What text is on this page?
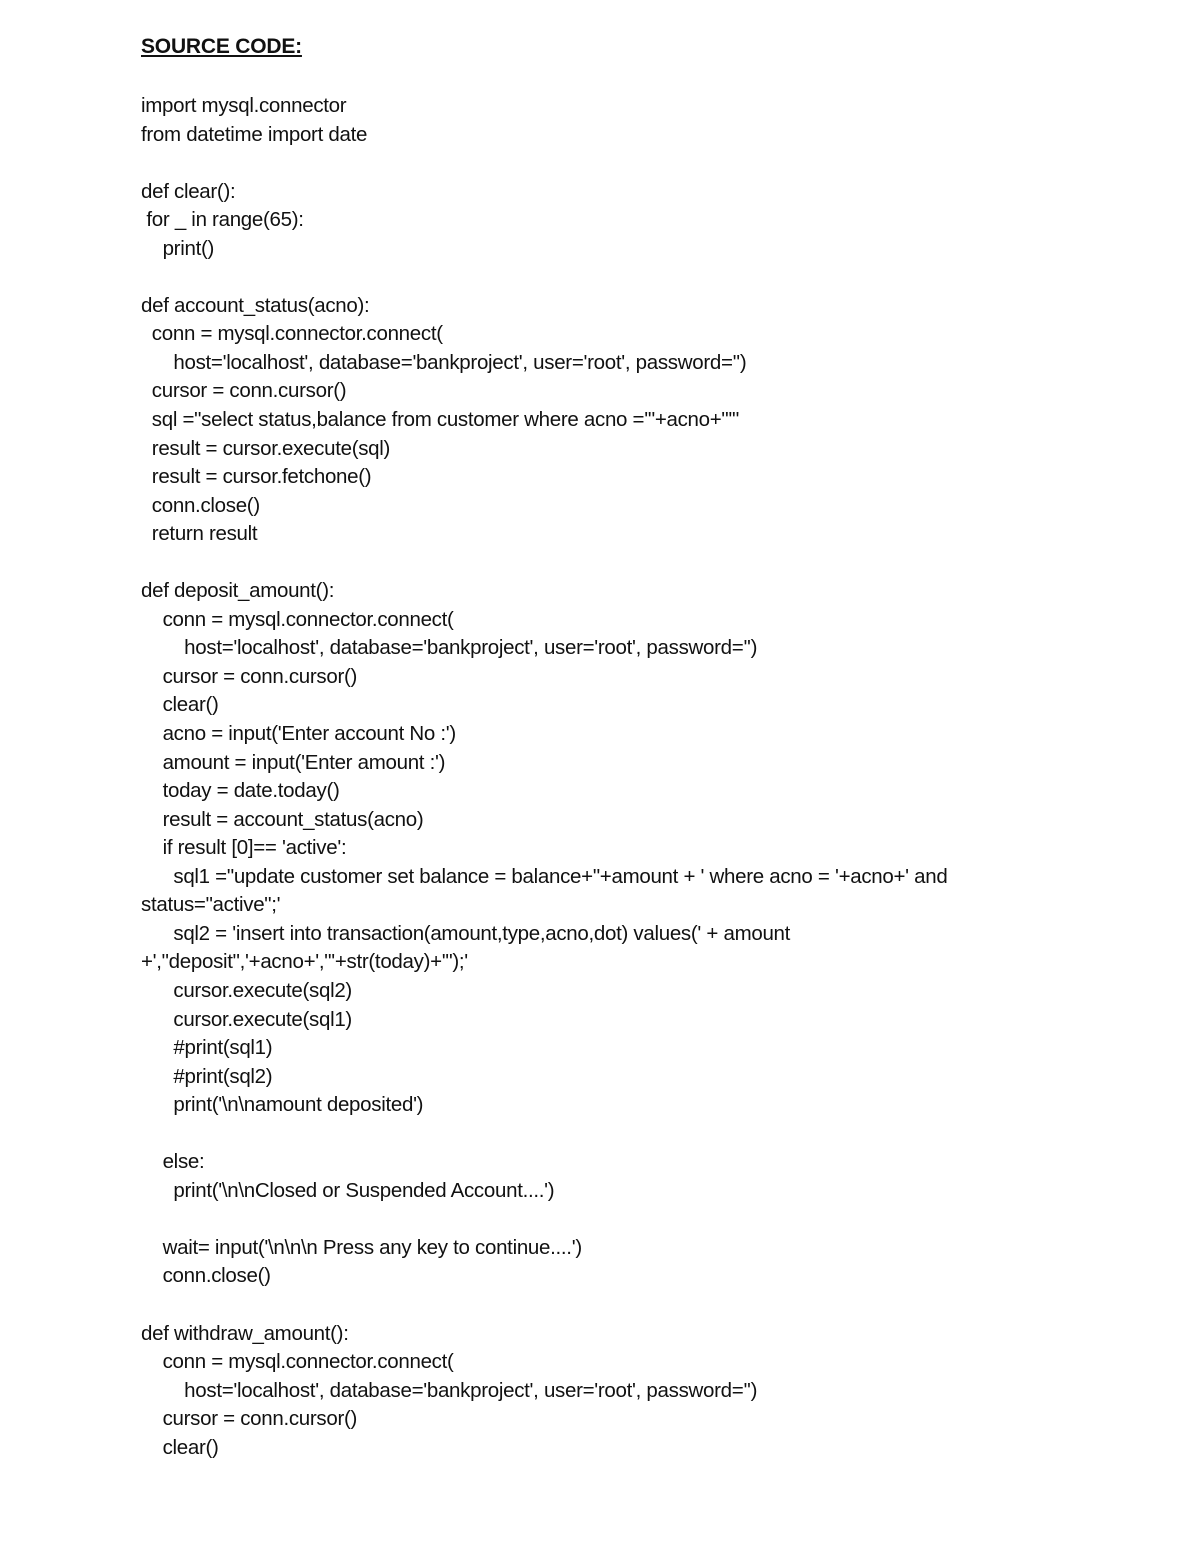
SOURCE CODE:
import mysql.connector
from datetime import date
def clear():
for _ in range(65):
print()
def account_status(acno):
conn = mysql.connector.connect(
host='localhost', database='bankproject', user='root', password='')
cursor = conn.cursor()
sql ="select status,balance from customer where acno ='"+acno+"'"
result = cursor.execute(sql)
result = cursor.fetchone()
conn.close()
return result
def deposit_amount():
conn = mysql.connector.connect(
host='localhost', database='bankproject', user='root', password='')
cursor = conn.cursor()
clear()
acno = input('Enter account No :')
amount = input('Enter amount :')
today = date.today()
result = account_status(acno)
if result [0]== 'active':
sql1 ="update customer set balance = balance+"+amount + ' where acno = '+acno+' and
status="active";'
sql2 = 'insert into transaction(amount,type,acno,dot) values(' + amount
+',"deposit",'+acno+',"'+str(today)+'");'
cursor.execute(sql2)
cursor.execute(sql1)
#print(sql1)
#print(sql2)
print('\n\namount deposited')
else:
print('\n\nClosed or Suspended Account....')
wait= input('\n\n\n Press any key to continue....')
conn.close()
def withdraw_amount():
conn = mysql.connector.connect(
host='localhost', database='bankproject', user='root', password='')
cursor = conn.cursor()
clear()
